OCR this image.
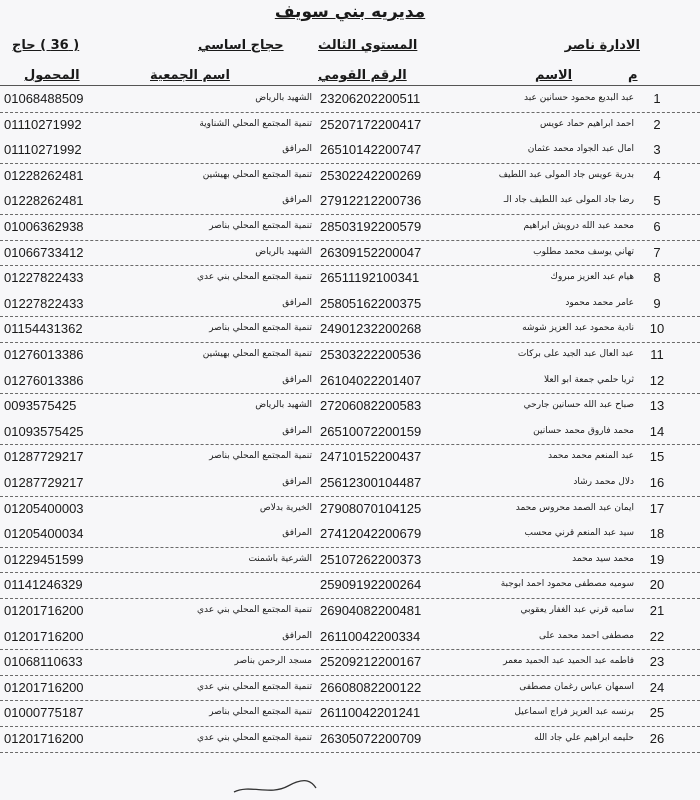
مديريه بني سويف
( 36 ) حاج	حجاج اساسي	المستوي الثالث	الادارة ناصر
المحمول	اسم الجمعية	الرقم القومي	الاسم	م
01068488509	الشهيد بالرياض 23206202200511	عبد البديع محمود حسانين عبد	1
01110271992	تنمية المجتمع المحلي الشناوية 25207172200417	احمد ابراهيم حماد عويس	2
01110271992	المرافق 26510142200747	امال عبد الجواد محمد عثمان	3
01228262481	تنمية المجتمع المحلي بهيشين 25302242200269	بدرية عويس جاد المولى عبد اللطيف	4
01228262481	المرافق 27912212200736	رضا جاد المولى عبد اللطيف جاد الـ	5
01006362938	تنمية المجتمع المحلي بناصر 28503192200579	محمد عبد الله درويش ابراهيم	6
01066733412	الشهيد بالرياض 26309152200047	تهاني يوسف محمد مطلوب	7
01227822433	تنمية المجتمع المحلي بني عدي 26511192100341	هيام عبد العزيز مبروك	8
01227822433	المرافق 25805162200375	عامر محمد محمود	9
01154431362	تنمية المجتمع المحلي بناصر 24901232200268	نادية محمود عبد العزيز شوشه 10
01276013386	تنمية المجتمع المحلي بهيشين 25303222200536	عبد العال عبد الجيد على بركات	11
01276013386	المرافق 26104022201407	ثريا حلمي جمعة ابو العلا 12
0093575425	الشهيد بالرياض 27206082200583	صباح عبد الله حسانين جارحي 13
01093575425	المرافق 26510072200159	محمد فاروق محمد حسانين 14
01287729217	تنمية المجتمع المحلي بناصر 24710152200437	عبد المنعم محمد محمد 15
01287729217	المرافق 25612300104487	دلال محمد رشاد 16
01205400003	الخيرية بدلاص 27908070104125	ايمان عبد الصمد محروس محمد 17
01205400034	المرافق 27412042200679	سيد عبد المنعم قرني محسب 18
01229451599	الشرعية باشمنت 25107262200373	محمد سيد محمد 19
01141246329	25909192200264	سوميه مصطفى محمود احمد ابوجبة 20
01201716200	تنمية المجتمع المحلي بني عدي 26904082200481	ساميه قرني عبد الغفار يعقوبي 21
01201716200	المرافق 26110042200334	مصطفى احمد محمد على 22
01068110633	مسجد الرحمن بناصر 25209212200167	فاطمه عبد الحميد عبد الحميد معمر 23
01201716200	تنمية المجتمع المحلي بني عدي 26608082200122	اسمهان عباس رغمان مصطفى 24
01000775187	تنمية المجتمع المحلي بناصر 26110042201241	برنسه عبد العزيز فراج اسماعيل 25
01201716200	تنمية المجتمع المحلي بني عدي 26305072200709	حليمه ابراهيم علي جاد الله 26
